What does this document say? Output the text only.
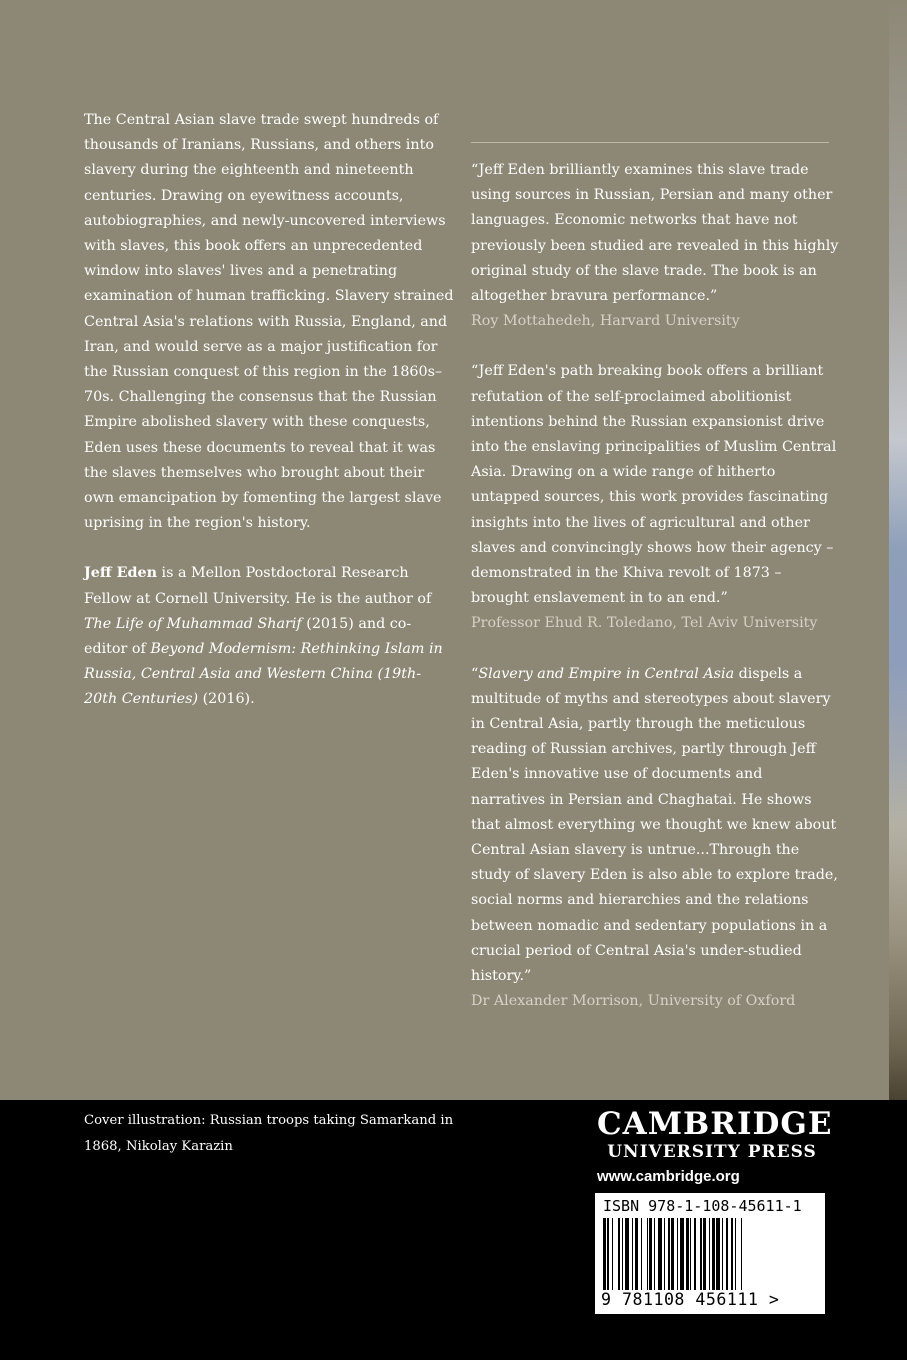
The Central Asian slave trade swept hundreds of thousands of Iranians, Russians, and others into slavery during the eighteenth and nineteenth centuries. Drawing on eyewitness accounts, autobiographies, and newly-uncovered interviews with slaves, this book offers an unprecedented window into slaves' lives and a penetrating examination of human trafficking. Slavery strained Central Asia's relations with Russia, England, and Iran, and would serve as a major justification for the Russian conquest of this region in the 1860s–70s. Challenging the consensus that the Russian Empire abolished slavery with these conquests, Eden uses these documents to reveal that it was the slaves themselves who brought about their own emancipation by fomenting the largest slave uprising in the region's history.

Jeff Eden is a Mellon Postdoctoral Research Fellow at Cornell University. He is the author of The Life of Muhammad Sharif (2015) and co-editor of Beyond Modernism: Rethinking Islam in Russia, Central Asia and Western China (19th-20th Centuries) (2016).

“Jeff Eden brilliantly examines this slave trade using sources in Russian, Persian and many other languages. Economic networks that have not previously been studied are revealed in this highly original study of the slave trade. The book is an altogether bravura performance.”

Roy Mottahedeh, Harvard University

“Jeff Eden's path breaking book offers a brilliant refutation of the self-proclaimed abolitionist intentions behind the Russian expansionist drive into the enslaving principalities of Muslim Central Asia. Drawing on a wide range of hitherto untapped sources, this work provides fascinating insights into the lives of agricultural and other slaves and convincingly shows how their agency – demonstrated in the Khiva revolt of 1873 – brought enslavement in to an end.”

Professor Ehud R. Toledano, Tel Aviv University

“Slavery and Empire in Central Asia dispels a multitude of myths and stereotypes about slavery in Central Asia, partly through the meticulous reading of Russian archives, partly through Jeff Eden's innovative use of documents and narratives in Persian and Chaghatai. He shows that almost everything we thought we knew about Central Asian slavery is untrue...Through the study of slavery Eden is also able to explore trade, social norms and hierarchies and the relations between nomadic and sedentary populations in a crucial period of Central Asia's under-studied history.”

Dr Alexander Morrison, University of Oxford

Cover illustration: Russian troops taking Samarkand in 1868, Nikolay Karazin
CAMBRIDGE
UNIVERSITY PRESS
www.cambridge.org
ISBN 978-1-108-45611-1
9 781108 456111 >
